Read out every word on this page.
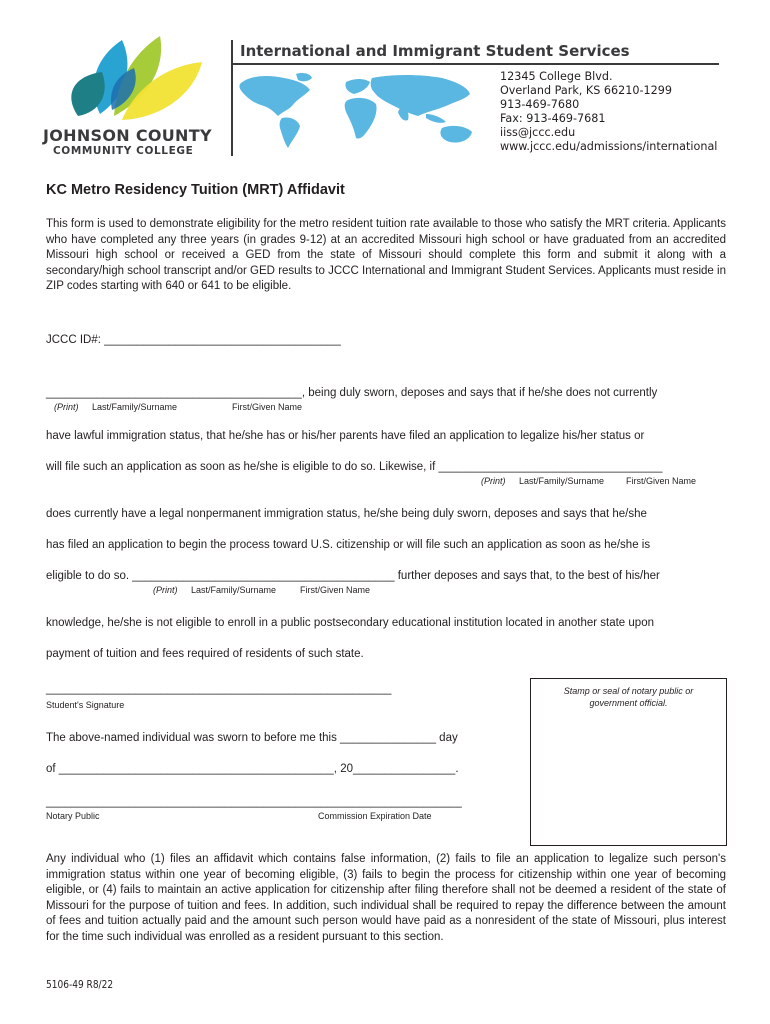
JOHNSON COUNTY
COMMUNITY COLLEGE
International and Immigrant Student Services
12345 College Blvd.
Overland Park, KS 66210-1299
913-469-7680
Fax: 913-469-7681
iiss@jccc.edu
www.jccc.edu/admissions/international
KC Metro Residency Tuition (MRT) Affidavit
This form is used to demonstrate eligibility for the metro resident tuition rate available to those who satisfy the MRT criteria. Applicants who have completed any three years (in grades 9-12) at an accredited Missouri high school or have graduated from an accredited Missouri high school or received a GED from the state of Missouri should complete this form and submit it along with a secondary/high school transcript and/or GED results to JCCC International and Immigrant Student Services. Applicants must reside in ZIP codes starting with 640 or 641 to be eligible.
JCCC ID#: _____________________________________
________________________________________, being duly sworn, deposes and says that if he/she does not currently
(Print) Last/Family/Surname	First/Given Name
have lawful immigration status, that he/she has or his/her parents have filed an application to legalize his/her status or
will file such an application as soon as he/she is eligible to do so. Likewise, if ___________________________________
(Print) Last/Family/Surname First/Given Name
does currently have a legal nonpermanent immigration status, he/she being duly sworn, deposes and says that he/she
has filed an application to begin the process toward U.S. citizenship or will file such an application as soon as he/she is
eligible to do so. _________________________________________ further deposes and says that, to the best of his/her
(Print) Last/Family/Surname	First/Given Name
knowledge, he/she is not eligible to enroll in a public postsecondary educational institution located in another state upon
payment of tuition and fees required of residents of such state.
______________________________________________________
Student's Signature
Stamp or seal of notary public or government official.
The above-named individual was sworn to before me this _______________ day
of ___________________________________________, 20________________.
_________________________________________________________________
Notary Public	Commission Expiration Date
Any individual who (1) files an affidavit which contains false information, (2) fails to file an application to legalize such person's immigration status within one year of becoming eligible, (3) fails to begin the process for citizenship within one year of becoming eligible, or (4) fails to maintain an active application for citizenship after filing therefore shall not be deemed a resident of the state of Missouri for the purpose of tuition and fees. In addition, such individual shall be required to repay the difference between the amount of fees and tuition actually paid and the amount such person would have paid as a nonresident of the state of Missouri, plus interest for the time such individual was enrolled as a resident pursuant to this section.
5106-49 R8/22
